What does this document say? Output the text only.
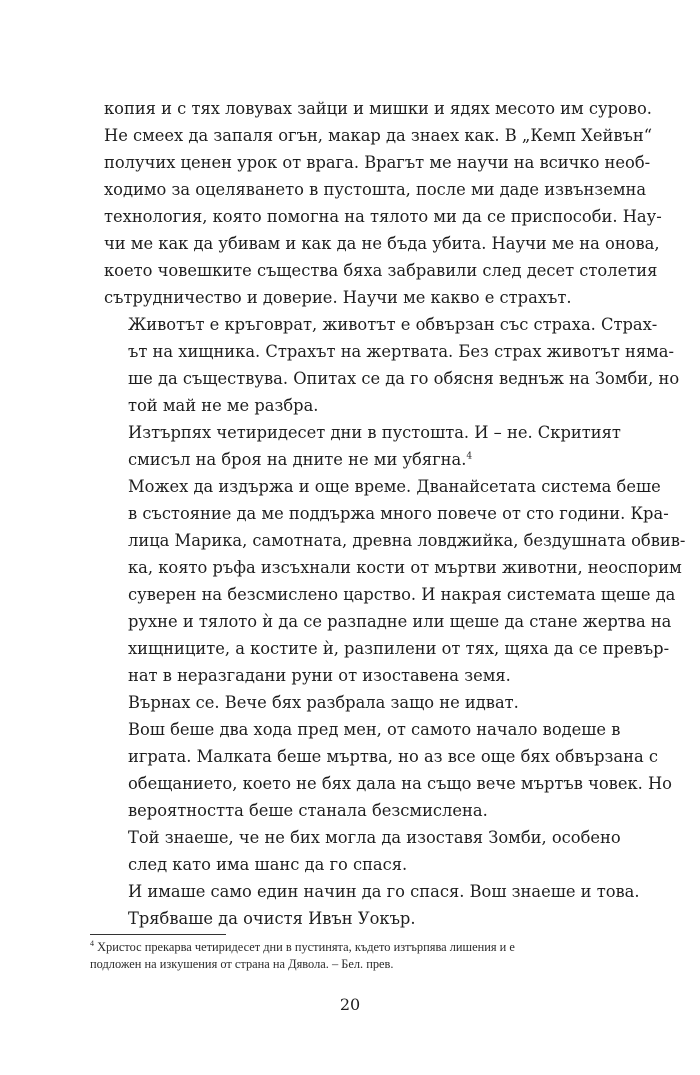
копия и с тях ловувах зайци и мишки и ядях месото им сурово.
Не смеех да запаля огън, макар да знаех как. В „Кемп Хейвън“
получих ценен урок от врага. Врагът ме научи на всичко необ-
ходимо за оцеляването в пустошта, после ми даде извънземна
технология, която помогна на тялото ми да се приспособи. Нау-
чи ме как да убивам и как да не бъда убита. Научи ме на онова,
което човешките същества бяха забравили след десет столетия
сътрудничество и доверие. Научи ме какво е страхът.

Животът е кръговрат, животът е обвързан със страха. Страх-
ът на хищника. Страхът на жертвата. Без страх животът няма-
ше да съществува. Опитах се да го обясня веднъж на Зомби, но
той май не ме разбра.

Изтърпях четиридесет дни в пустошта. И – не. Скритият
смисъл на броя на дните не ми убягна.$^4$

Можех да издържа и още време. Дванайсетата система беше
в състояние да ме поддържа много повече от сто години. Кра-
лица Марика, самотната, древна ловджийка, бездушната обвив-
ка, която ръфа изсъхнали кости от мъртви животни, неоспорим
суверен на безсмислено царство. И накрая системата щеше да
рухне и тялото ѝ да се разпадне или щеше да стане жертва на
хищниците, а костите ѝ, разпилени от тях, щяха да се превър-
нат в неразгадани руни от изоставена земя.

Върнах се. Вече бях разбрала защо не идват.

Вош беше два хода пред мен, от самото начало водеше в
играта. Малката беше мъртва, но аз все още бях обвързана с
обещанието, което не бях дала на също вече мъртъв човек. Но
вероятността беше станала безсмислена.

Той знаеше, че не бих могла да изоставя Зомби, особено
след като има шанс да го спася.

И имаше само един начин да го спася. Вош знаеше и това.

Трябваше да очистя Ивън Уокър.

$^4$ Христос прекарва четиридесет дни в пустинята, където изтърпява лишения и е
подложен на изкушения от страна на Дявола. – Бел. прев.
20
